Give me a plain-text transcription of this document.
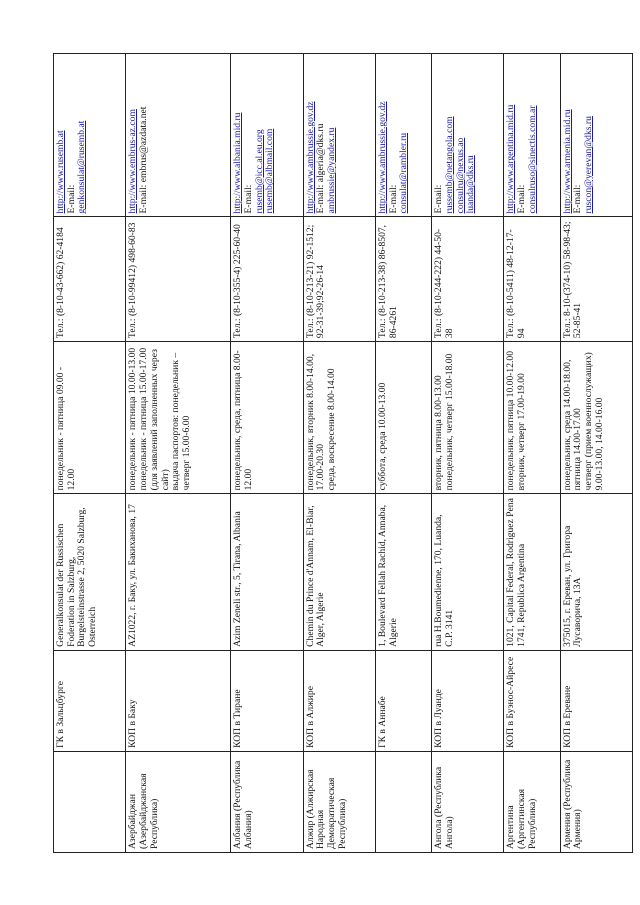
	ГК в Зальцбурге	Generalkonsulat der Russischen Foderation in Salzburg, Burgelsteinstrasse 2, 5020 Salzburg, Osterreich	понедельник - пятница 09.00 - 12.00	Тел.: (8-10-43-662) 62-4184	http://www.rusemb.at E-mail: genkonsulat@rusemb.at

Азербайджан (Азербайджанская Республика)	КОП в Баку	AZ1022, г. Баку, ул. Бакиханова, 17	понедельник - пятница 10.00-13.00 понедельник - пятница 15.00-17.00 (для заявлений заполненных через сайт) выдача паспортов: понедельник – четверг 15.00-6.00	Тел.: (8-10-99412) 498-60-83	http://www.embrus-az.com E-mail: embrus@azdata.net

Албания (Республика Албания)	КОП в Тиране	Azim Zeneli str., 5, Tirana, Albania	понедельник, среда, пятница 8.00-12.00	Тел.: (8-10-355-4) 225-60-40	http://www.albania.mid.ru E-mail: rusemb@icc.al.eu.org rusemb@albmail.com

Алжир (Алжирская Народная Демократическая Республика)	КОП в Алжире	Chemin du Prince d'Annam, El-Biar, Alger, Algerie	понедельник, вторник 8.00-14.00, 17.00-20.30 среда, воскресение 8.00-14.00	Тел.: (8-10-213-21) 92-1512; 92-31-39;92-26-14	http://www.ambrussie.gov.dz E-mail: algeria@dks.ru ambrussie@yandex.ru

	ГК в Аннабе	1, Boulevard Fellah Rachid, Annaba, Algerie	суббота, среда 10.00-13.00	Тел.: (8-10-213-38) 86-8507, 86-4261	http://www.ambrussie.gov.dz E-mail: consulat@rambler.ru

Ангола (Республика Ангола)	КОП в Луанде	rua H.Boumedienne, 170, Luanda, C.P. 3141	вторник, пятница 8.00-13.00 понедельник, четверг 15.00-18.00	Тел.: (8-10-244-222) 44-50-38	E-mail: russemb@netangola.com consulru@nexus.ao luanda@dks.ru

Аргентина (Аргентинская Республика)	КОП в Буэнос-Айресе	1021, Capital Federal, Rodriguez Pena 1741, Republica Argentina	понедельник, пятница 10.00-12.00 вторник, четверг 17.00-19.00	Тел.: (8-10-5411) 48-12-17-94	http://www.argentina.mid.ru E-mail: consulruso@sinectis.com.ar

Армения (Республика Армения)	КОП в Ереване	375015, г. Ереван, ул. Григора Лусаворича, 13А	понедельник, среда 14.00-18.00, пятница 14.00-17.00 четверг (прием военнослужащих) 9.00-13.00, 14.00-16.00	Тел.: 8-10-(374-10) 58-98-43; 52-85-41	http://www.armenia.mid.ru E-mail: ruscon@yerevan@dks.ru
